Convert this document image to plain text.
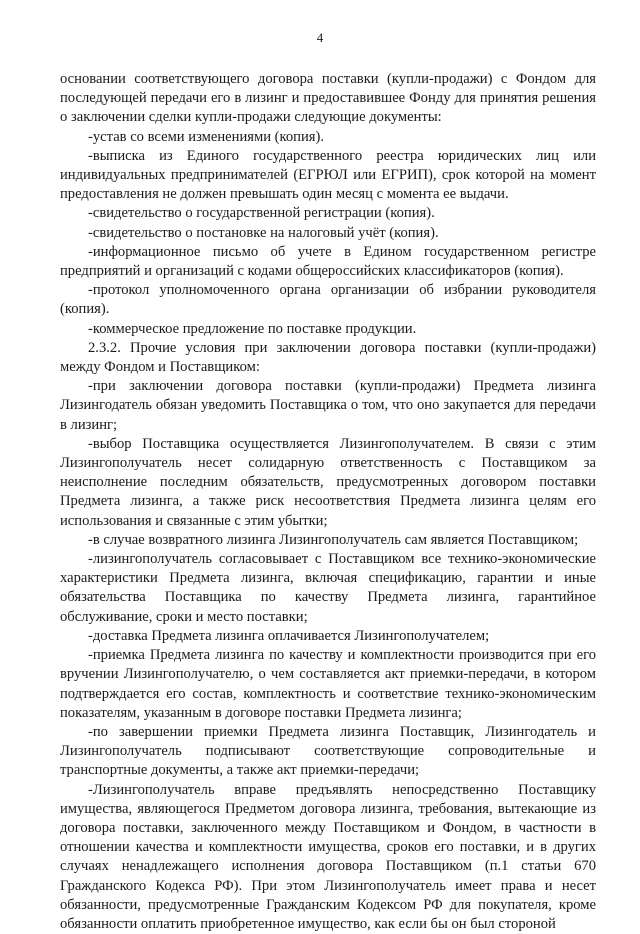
4

основании соответствующего договора поставки (купли-продажи) с Фондом для последующей передачи его в лизинг и предоставившее Фонду для принятия решения о заключении сделки купли-продажи следующие документы:

-устав со всеми изменениями (копия).

-выписка из Единого государственного реестра юридических лиц или индивидуальных предпринимателей (ЕГРЮЛ или ЕГРИП), срок которой на момент предоставления не должен превышать один месяц с момента ее выдачи.

-свидетельство о государственной регистрации (копия).

-свидетельство о постановке на налоговый учёт (копия).

-информационное письмо об учете в Едином государственном регистре предприятий и организаций с кодами общероссийских классификаторов (копия).

-протокол уполномоченного органа организации об избрании руководителя (копия).

-коммерческое предложение по поставке продукции.

2.3.2. Прочие условия при заключении договора поставки (купли-продажи) между Фондом и Поставщиком:

-при заключении договора поставки (купли-продажи) Предмета лизинга Лизингодатель обязан уведомить Поставщика о том, что оно закупается для передачи в лизинг;

-выбор Поставщика осуществляется Лизингополучателем. В связи с этим Лизингополучатель несет солидарную ответственность с Поставщиком за неисполнение последним обязательств, предусмотренных договором поставки Предмета лизинга, а также риск несоответствия Предмета лизинга целям его использования и связанные с этим убытки;

-в случае возвратного лизинга Лизингополучатель сам является Поставщиком;

-лизингополучатель согласовывает с Поставщиком все технико-экономические характеристики Предмета лизинга, включая спецификацию, гарантии и иные обязательства Поставщика по качеству Предмета лизинга, гарантийное обслуживание, сроки и место поставки;

-доставка Предмета лизинга оплачивается Лизингополучателем;

-приемка Предмета лизинга по качеству и комплектности производится при его вручении Лизингополучателю, о чем составляется акт приемки-передачи, в котором подтверждается его состав, комплектность и соответствие технико-экономическим показателям, указанным в договоре поставки Предмета лизинга;

-по завершении приемки Предмета лизинга Поставщик, Лизингодатель и Лизингополучатель подписывают соответствующие сопроводительные и транспортные документы, а также акт приемки-передачи;

-Лизингополучатель вправе предъявлять непосредственно Поставщику имущества, являющегося Предметом договора лизинга, требования, вытекающие из договора поставки, заключенного между Поставщиком и Фондом, в частности в отношении качества и комплектности имущества, сроков его поставки, и в других случаях ненадлежащего исполнения договора Поставщиком (п.1 статьи 670 Гражданского Кодекса РФ). При этом Лизингополучатель имеет права и несет обязанности, предусмотренные Гражданским Кодексом РФ для покупателя, кроме обязанности оплатить приобретенное имущество, как если бы он был стороной
